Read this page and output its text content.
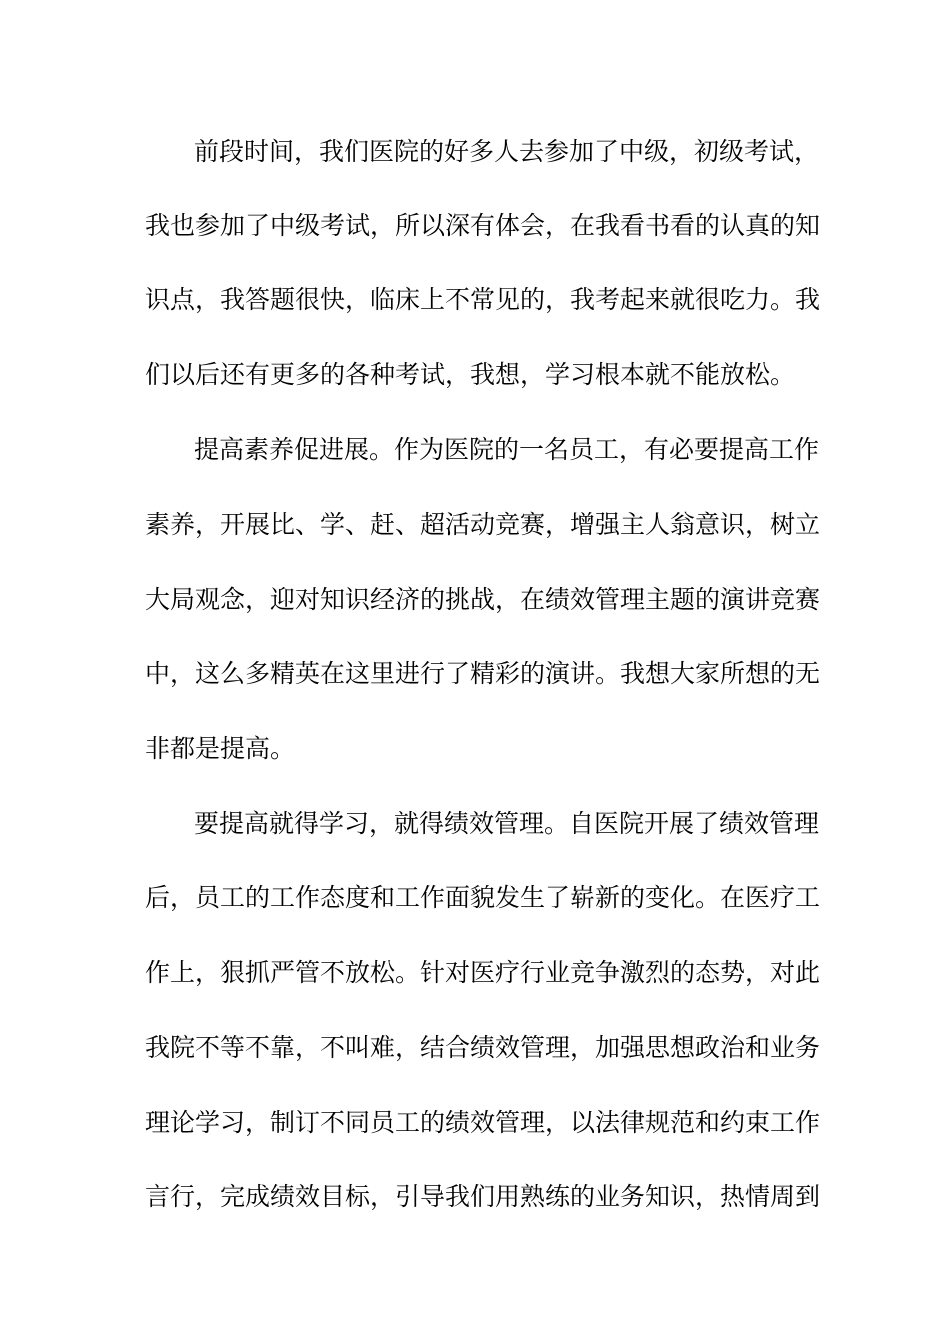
前段时间，我们医院的好多人去参加了中级，初级考试，
我也参加了中级考试，所以深有体会，在我看书看的认真的知
识点，我答题很快，临床上不常见的，我考起来就很吃力。我
们以后还有更多的各种考试，我想，学习根本就不能放松。
提高素养促进展。作为医院的一名员工，有必要提高工作
素养，开展比、学、赶、超活动竞赛，增强主人翁意识，树立
大局观念，迎对知识经济的挑战，在绩效管理主题的演讲竞赛
中，这么多精英在这里进行了精彩的演讲。我想大家所想的无
非都是提高。
要提高就得学习，就得绩效管理。自医院开展了绩效管理
后，员工的工作态度和工作面貌发生了崭新的变化。在医疗工
作上，狠抓严管不放松。针对医疗行业竞争激烈的态势，对此
我院不等不靠，不叫难，结合绩效管理，加强思想政治和业务
理论学习，制订不同员工的绩效管理，以法律规范和约束工作
言行，完成绩效目标，引导我们用熟练的业务知识，热情周到
